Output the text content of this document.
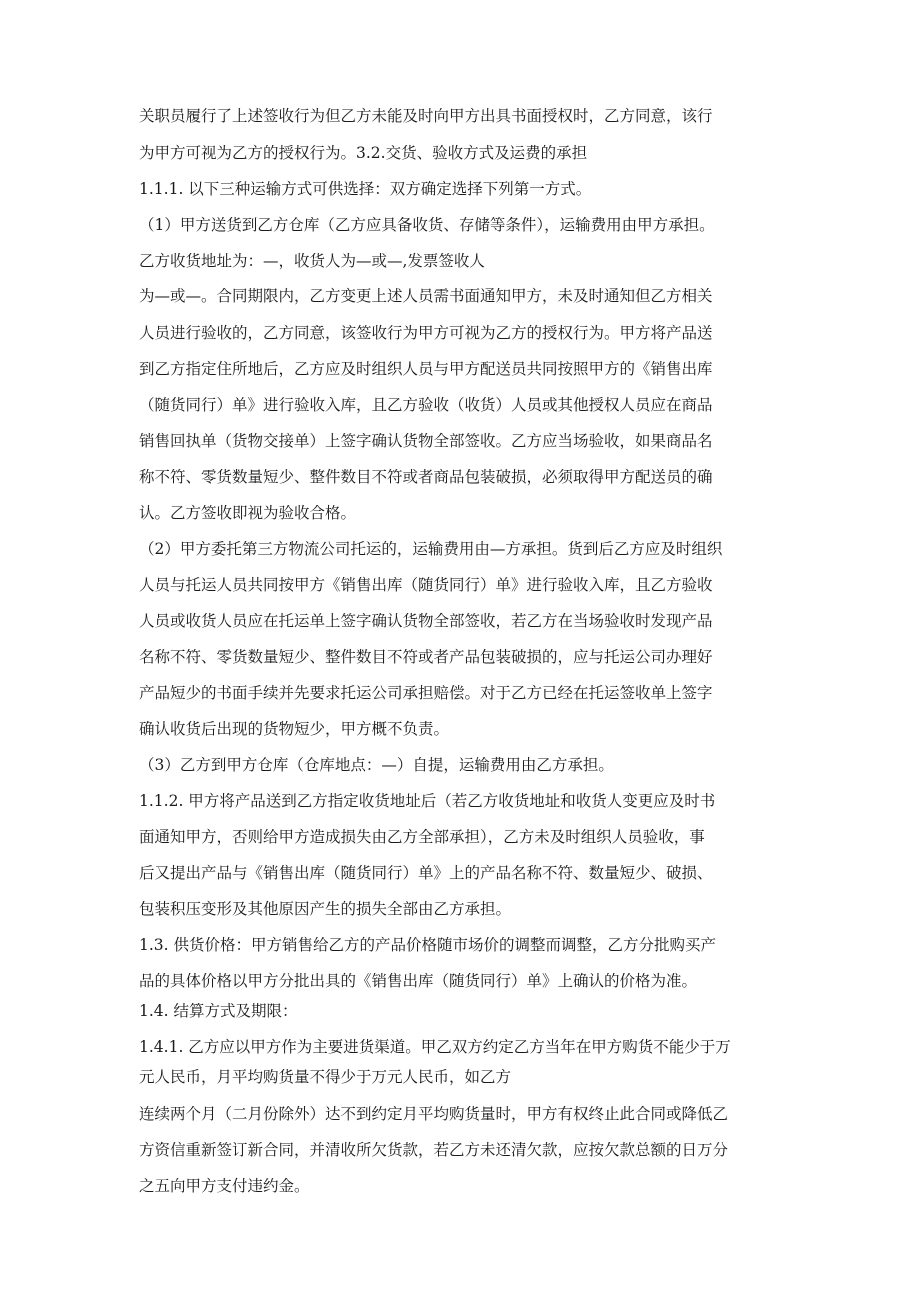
关职员履行了上述签收行为但乙方未能及时向甲方出具书面授权时，乙方同意，该行

为甲方可视为乙方的授权行为。3.2.交货、验收方式及运费的承担

1.1.1. 以下三种运输方式可供选择：双方确定选择下列第一方式。

（1）甲方送货到乙方仓库（乙方应具备收货、存储等条件），运输费用由甲方承担。

乙方收货地址为：—，收货人为—或—,发票签收人

为—或—。合同期限内，乙方变更上述人员需书面通知甲方，未及时通知但乙方相关

人员进行验收的，乙方同意，该签收行为甲方可视为乙方的授权行为。甲方将产品送

到乙方指定住所地后，乙方应及时组织人员与甲方配送员共同按照甲方的《销售出库

（随货同行）单》进行验收入库，且乙方验收（收货）人员或其他授权人员应在商品

销售回执单（货物交接单）上签字确认货物全部签收。乙方应当场验收，如果商品名

称不符、零货数量短少、整件数目不符或者商品包装破损，必须取得甲方配送员的确

认。乙方签收即视为验收合格。

（2）甲方委托第三方物流公司托运的，运输费用由—方承担。货到后乙方应及时组织

人员与托运人员共同按甲方《销售出库（随货同行）单》进行验收入库，且乙方验收

人员或收货人员应在托运单上签字确认货物全部签收，若乙方在当场验收时发现产品

名称不符、零货数量短少、整件数目不符或者产品包装破损的，应与托运公司办理好

产品短少的书面手续并先要求托运公司承担赔偿。对于乙方已经在托运签收单上签字

确认收货后出现的货物短少，甲方概不负责。

（3）乙方到甲方仓库（仓库地点：—）自提，运输费用由乙方承担。

1.1.2. 甲方将产品送到乙方指定收货地址后（若乙方收货地址和收货人变更应及时书

面通知甲方，否则给甲方造成损失由乙方全部承担），乙方未及时组织人员验收，事

后又提出产品与《销售出库（随货同行）单》上的产品名称不符、数量短少、破损、

包装积压变形及其他原因产生的损失全部由乙方承担。

1.3. 供货价格：甲方销售给乙方的产品价格随市场价的调整而调整，乙方分批购买产

品的具体价格以甲方分批出具的《销售出库（随货同行）单》上确认的价格为准。

1.4. 结算方式及期限：

1.4.1. 乙方应以甲方作为主要进货渠道。甲乙双方约定乙方当年在甲方购货不能少于万

元人民币，月平均购货量不得少于万元人民币，如乙方

连续两个月（二月份除外）达不到约定月平均购货量时，甲方有权终止此合同或降低乙

方资信重新签订新合同，并清收所欠货款，若乙方未还清欠款，应按欠款总额的日万分

之五向甲方支付违约金。
